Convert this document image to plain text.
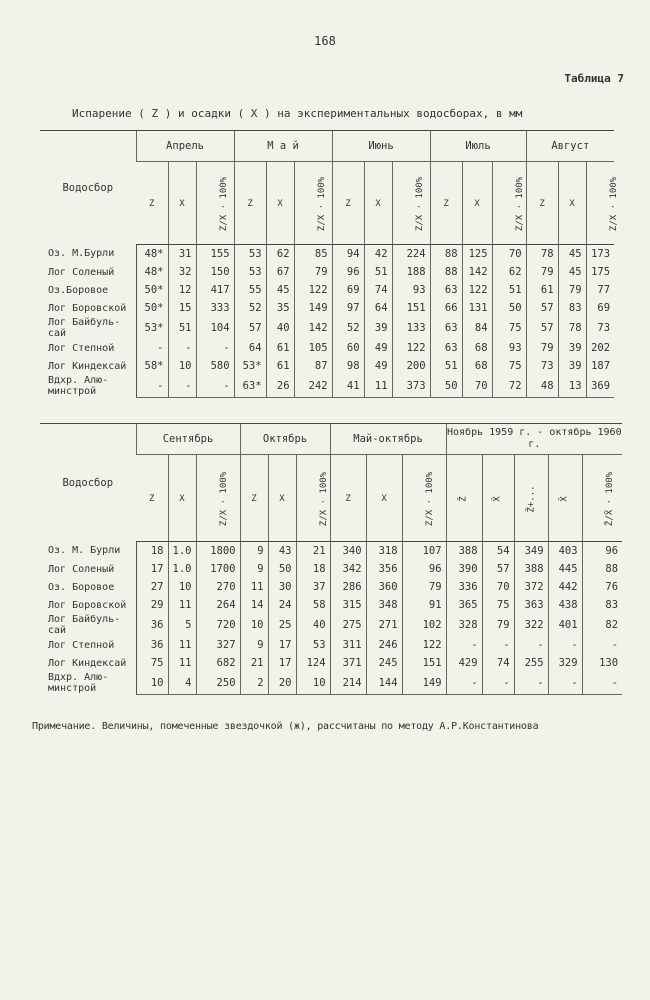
168
Таблица 7
Испарение ( Z ) и осадки ( X ) на экспериментальных водосборах, в мм
Водосбор	Апрель			М а й			Июнь			Июль			Август		
	Z	X	Z/X · 100%	Z	X	Z/X · 100%	Z	X	Z/X · 100%	Z	X	Z/X · 100%	Z	X	Z/X · 100%
Оз. М.Бурли	48*	31	155	53	62	85	94	42	224	88	125	70	78	45	173
Лог Соленый	48*	32	150	53	67	79	96	51	188	88	142	62	79	45	175
Оз.Боровое	50*	12	417	55	45	122	69	74	93	63	122	51	61	79	77
Лог Боровской	50*	15	333	52	35	149	97	64	151	66	131	50	57	83	69
Лог Байбуль-сай	53*	51	104	57	40	142	52	39	133	63	84	75	57	78	73
Лог Степной	-	-	-	64	61	105	60	49	122	63	68	93	79	39	202
Лог Киндексай	58*	10	580	53*	61	87	98	49	200	51	68	75	73	39	187
Вдхр. Алю-минстрой	-	-	-	63*	26	242	41	11	373	50	70	72	48	13	369
Водосбор	Сентябрь			Октябрь			Май-октябрь			Ноябрь 1959 г. - октябрь 1960 г.				
	Z	X	Z/X · 100%	Z	X	Z/X · 100%	Z	X	Z/X · 100%	Z̄	X̄	Z̄+...	X̄	Z̄/X̄ · 100%
Оз. М. Бурли	18	1.0	1800	9	43	21	340	318	107	388	54	349	403	96
Лог Соленый	17	1.0	1700	9	50	18	342	356	96	390	57	388	445	88
Оз. Боровое	27	10	270	11	30	37	286	360	79	336	70	372	442	76
Лог Боровской	29	11	264	14	24	58	315	348	91	365	75	363	438	83
Лог Байбуль-сай	36	5	720	10	25	40	275	271	102	328	79	322	401	82
Лог Степной	36	11	327	9	17	53	311	246	122	-	-	-	-	-
Лог Киндексай	75	11	682	21	17	124	371	245	151	429	74	255	329	130
Вдхр. Алю-минстрой	10	4	250	2	20	10	214	144	149	-	-	-	-	-
Примечание. Величины, помеченные звездочкой (ж), рассчитаны по методу А.Р.Константинова
